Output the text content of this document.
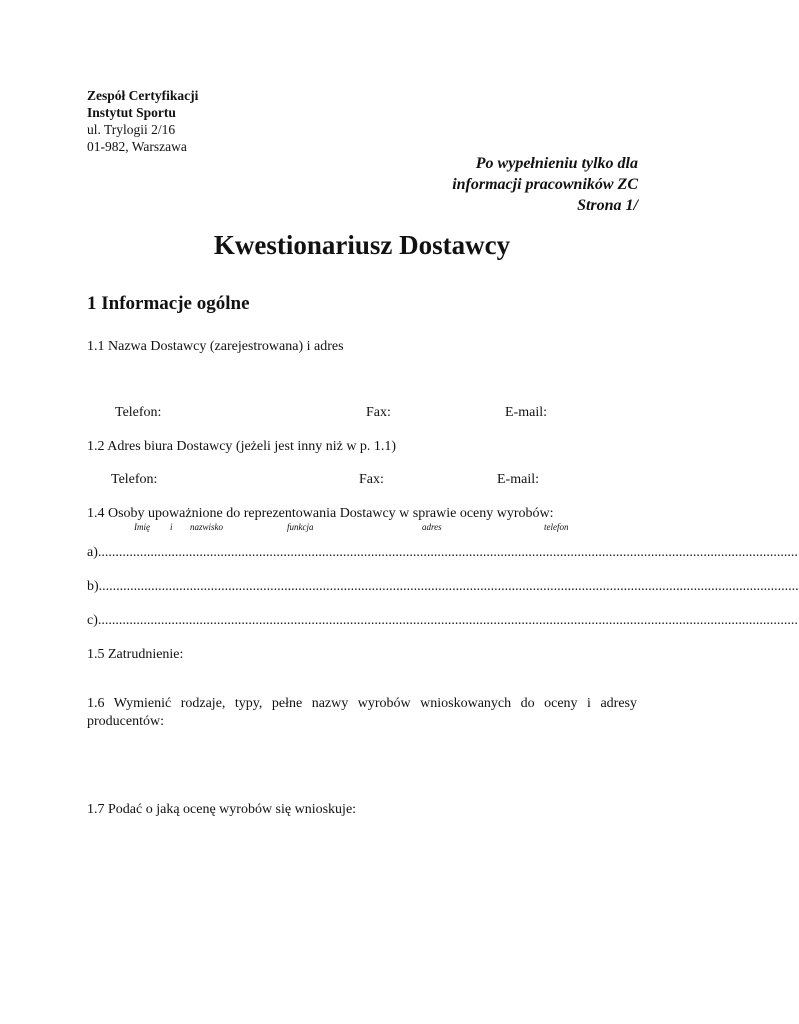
Zespół Certyfikacji
Instytut Sportu
ul. Trylogii 2/16
01-982, Warszawa
Po wypełnieniu tylko dla
informacji pracowników ZC
Strona 1/
Kwestionariusz Dostawcy
1 Informacje ogólne
1.1 Nazwa Dostawcy (zarejestrowana) i adres
Telefon:	Fax:	E-mail:
1.2 Adres biura Dostawcy (jeżeli jest inny niż w p. 1.1)
Telefon:	Fax:	E-mail:
1.4 Osoby upoważnione do reprezentowania Dostawcy w sprawie oceny wyrobów:
Imię i nazwisko	funkcja	adres	telefon
a)........................................................................................................................................................................................................
b)........................................................................................................................................................................................................
c)........................................................................................................................................................................................................
1.5 Zatrudnienie:
1.6 Wymienić rodzaje, typy, pełne nazwy wyrobów wnioskowanych do oceny i adresy producentów:
1.7 Podać o jaką ocenę wyrobów się wnioskuje:
